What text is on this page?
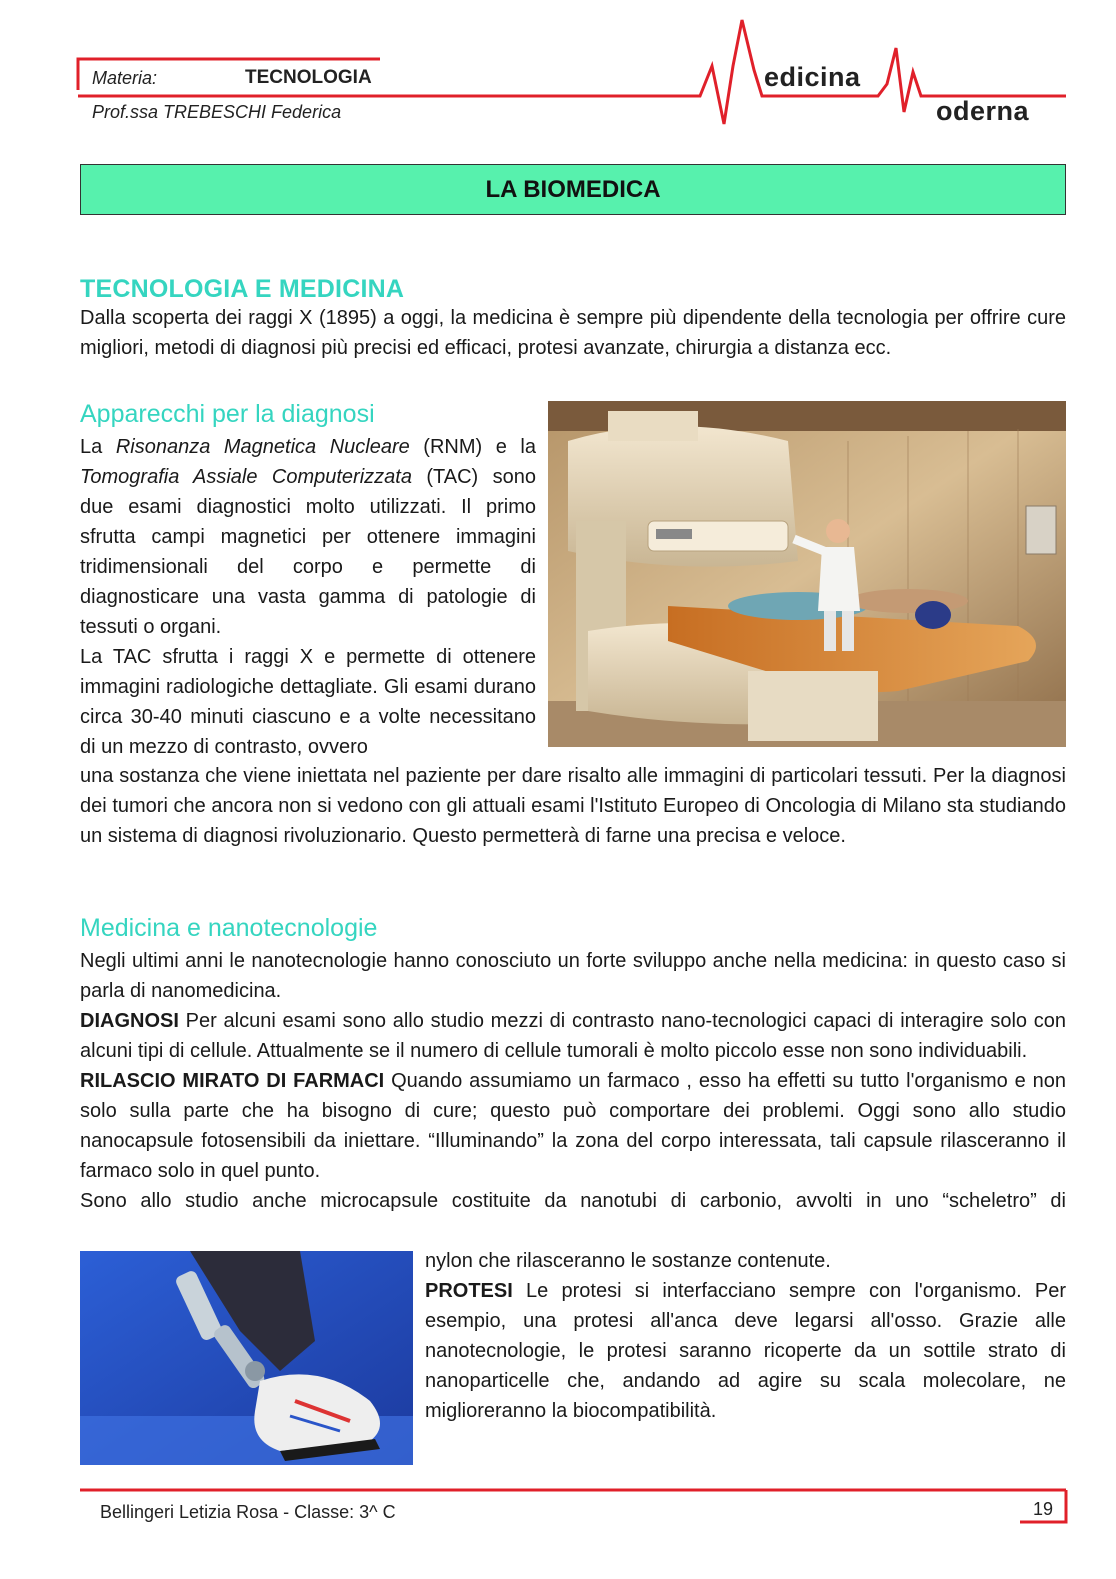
Materia:	TECNOLOGIA
Prof.ssa TREBESCHI Federica
edicina
oderna
LA BIOMEDICA
TECNOLOGIA E MEDICINA

Dalla scoperta dei raggi X (1895) a oggi, la medicina è sempre più dipendente della tecnologia per offrire cure migliori, metodi di diagnosi più precisi ed efficaci, protesi avanzate, chirurgia a distanza ecc.

Apparecchi per la diagnosi

La Risonanza Magnetica Nucleare (RNM) e la Tomografia Assiale Computerizzata (TAC) sono due esami diagnostici molto utilizzati. Il primo sfrutta campi magnetici per ottenere immagini tridimensionali del corpo e permette di diagnosticare una vasta gamma di patologie di tessuti o organi.

La TAC sfrutta i raggi X e permette di ottenere immagini radiologiche dettagliate. Gli esami durano circa 30-40 minuti ciascuno e a volte necessitano di un mezzo di contrasto, ovvero

una sostanza che viene iniettata nel paziente per dare risalto alle immagini di particolari tessuti. Per la diagnosi dei tumori che ancora non si vedono con gli attuali esami l'Istituto Europeo di Oncologia di Milano sta studiando un sistema di diagnosi rivoluzionario. Questo permetterà di farne una precisa e veloce.

Medicina e nanotecnologie

Negli ultimi anni le nanotecnologie hanno conosciuto un forte sviluppo anche nella medicina: in questo caso si parla di nanomedicina.

DIAGNOSI Per alcuni esami sono allo studio mezzi di contrasto nano-tecnologici capaci di interagire solo con alcuni tipi di cellule. Attualmente se il numero di cellule tumorali è molto piccolo esse non sono individuabili.

RILASCIO MIRATO DI FARMACI Quando assumiamo un farmaco , esso ha effetti su tutto l'organismo e non solo sulla parte che ha bisogno di cure; questo può comportare dei problemi. Oggi sono allo studio nanocapsule fotosensibili da iniettare. “Illuminando” la zona del corpo interessata, tali capsule rilasceranno il farmaco solo in quel punto.

Sono allo studio anche microcapsule costituite da nanotubi di carbonio, avvolti in uno “scheletro” di

nylon che rilasceranno le sostanze contenute.

PROTESI Le protesi si interfacciano sempre con l'organismo. Per esempio, una protesi all'anca deve legarsi all'osso. Grazie alle nanotecnologie, le protesi saranno ricoperte da un sottile strato di nanoparticelle che, andando ad agire su scala molecolare, ne miglioreranno la biocompatibilità.

Bellingeri Letizia Rosa - Classe: 3^ C	19
